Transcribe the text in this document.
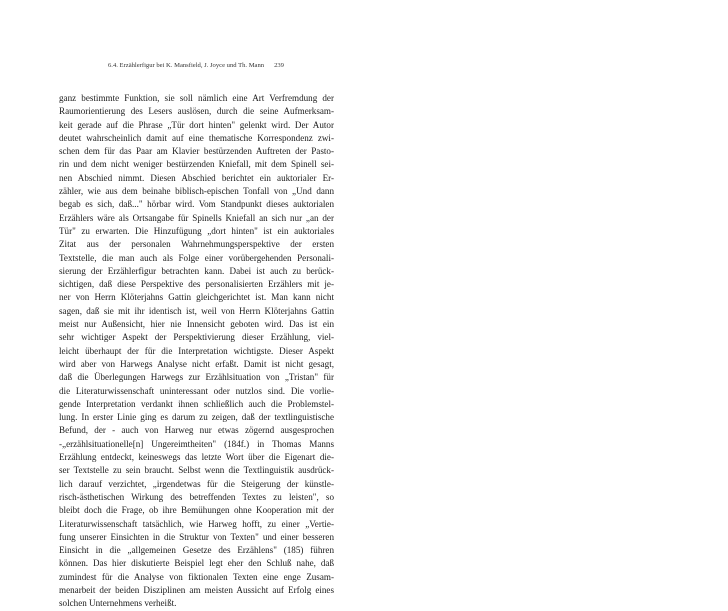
6.4. Erzählerfigur bei K. Mansfield, J. Joyce und Th. Mann 239
ganz bestimmte Funktion, sie soll nämlich eine Art Verfremdung der
Raumorientierung des Lesers auslösen, durch die seine Aufmerksam-
keit gerade auf die Phrase „Tür dort hinten" gelenkt wird. Der Autor
deutet wahrscheinlich damit auf eine thematische Korrespondenz zwi-
schen dem für das Paar am Klavier bestürzenden Auftreten der Pasto-
rin und dem nicht weniger bestürzenden Kniefall, mit dem Spinell sei-
nen Abschied nimmt. Diesen Abschied berichtet ein auktorialer Er-
zähler, wie aus dem beinahe biblisch-epischen Tonfall von „Und dann
begab es sich, daß..." hörbar wird. Vom Standpunkt dieses auktorialen
Erzählers wäre als Ortsangabe für Spinells Kniefall an sich nur „an der
Tür" zu erwarten. Die Hinzufügung „dort hinten" ist ein auktoriales
Zitat aus der personalen Wahrnehmungsperspektive der ersten
Textstelle, die man auch als Folge einer vorübergehenden Personali-
sierung der Erzählerfigur betrachten kann. Dabei ist auch zu berück-
sichtigen, daß diese Perspektive des personalisierten Erzählers mit je-
ner von Herrn Klöterjahns Gattin gleichgerichtet ist. Man kann nicht
sagen, daß sie mit ihr identisch ist, weil von Herrn Klöterjahns Gattin
meist nur Außensicht, hier nie Innensicht geboten wird. Das ist ein
sehr wichtiger Aspekt der Perspektivierung dieser Erzählung, viel-
leicht überhaupt der für die Interpretation wichtigste. Dieser Aspekt
wird aber von Harwegs Analyse nicht erfaßt. Damit ist nicht gesagt,
daß die Überlegungen Harwegs zur Erzählsituation von „Tristan" für
die Literaturwissenschaft uninteressant oder nutzlos sind. Die vorlie-
gende Interpretation verdankt ihnen schließlich auch die Problemstel-
lung. In erster Linie ging es darum zu zeigen, daß der textlinguistische
Befund, der - auch von Harweg nur etwas zögernd ausgesprochen
-„erzählsituationelle[n] Ungereimtheiten" (184f.) in Thomas Manns
Erzählung entdeckt, keineswegs das letzte Wort über die Eigenart die-
ser Textstelle zu sein braucht. Selbst wenn die Textlinguistik ausdrück-
lich darauf verzichtet, „irgendetwas für die Steigerung der künstle-
risch-ästhetischen Wirkung des betreffenden Textes zu leisten", so
bleibt doch die Frage, ob ihre Bemühungen ohne Kooperation mit der
Literaturwissenschaft tatsächlich, wie Harweg hofft, zu einer „Vertie-
fung unserer Einsichten in die Struktur von Texten" und einer besseren
Einsicht in die „allgemeinen Gesetze des Erzählens" (185) führen
können. Das hier diskutierte Beispiel legt eher den Schluß nahe, daß
zumindest für die Analyse von fiktionalen Texten eine enge Zusam-
menarbeit der beiden Disziplinen am meisten Aussicht auf Erfolg eines
solchen Unternehmens verheißt.
